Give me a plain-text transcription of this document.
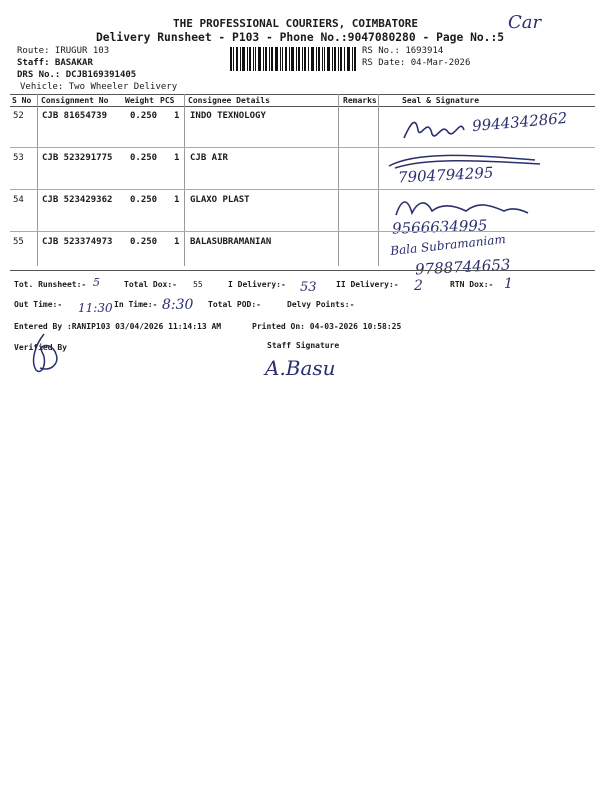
THE PROFESSIONAL COURIERS, COIMBATORE
Delivery Runsheet - P103 - Phone No.:9047080280 - Page No.:5
Car
Route: IRUGUR 103
Staff: BASAKAR
DRS No.: DCJB169391405
Vehicle: Two Wheeler Delivery
RS No.: 1693914
RS Date: 04-Mar-2026
S No Consignment No Weight PCS Consignee Details	Remarks	Seal & Signature
52 CJB 81654739	0.250 1 INDO TEXNOLOGY	9944342862
53 CJB 523291775 0.250 1 CJB AIR
7904794295
54 CJB 523429362 0.250 1 GLAXO PLAST
9566634995
55 CJB 523374973 0.250 1 BALASUBRAMANIAN	Bala Subramaniam
9788744653
Tot. Runsheet:- 5	Total Dox:- 55	I Delivery:- 53 II Delivery:- 2	RTN Dox:- 1
Out Time:- 11:30 In Time:- 8:30 Total POD:-	Delvy Points:-
Entered By :RANIP103 03/04/2026 11:14:13 AM	Printed On: 04-03-2026 10:58:25
Verified By	Staff Signature
A.Basu
